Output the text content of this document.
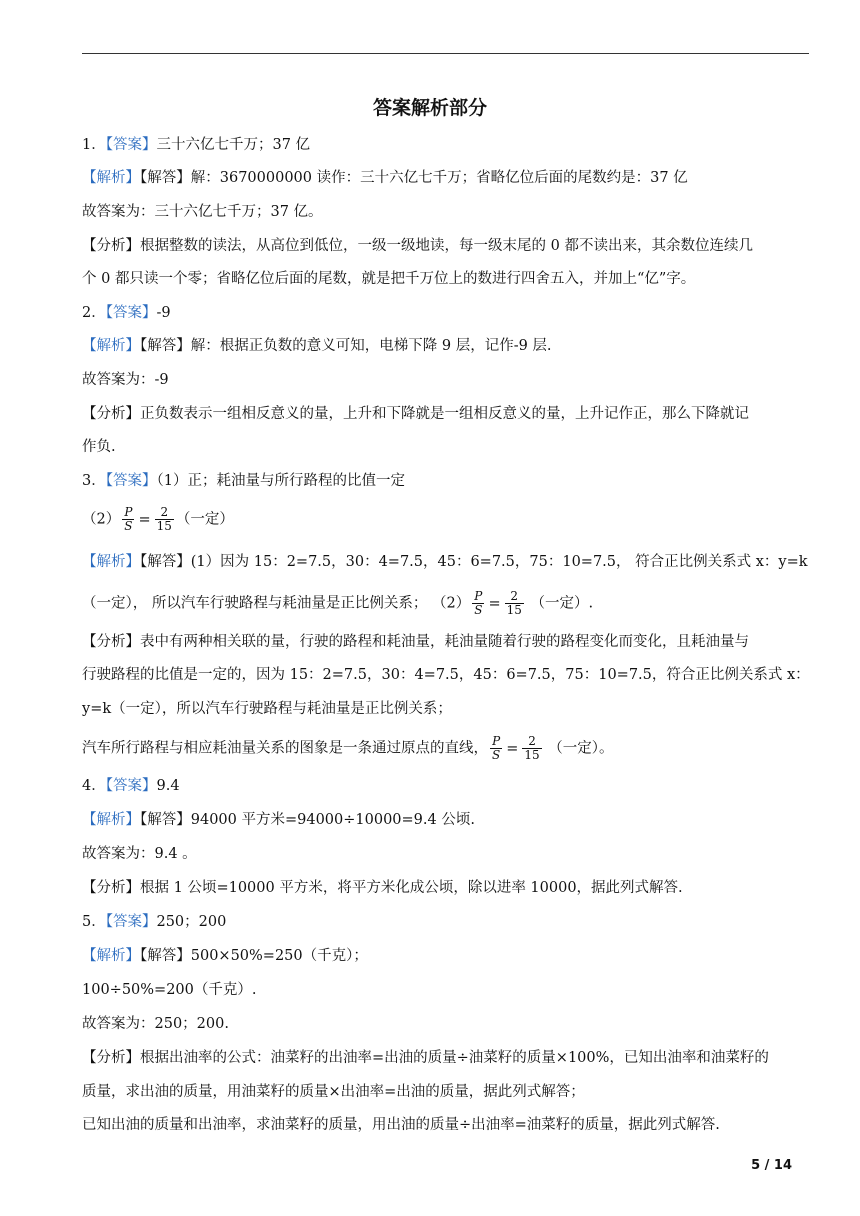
答案解析部分
1．【答案】三十六亿七千万；37 亿
【解析】【解答】解：3670000000 读作：三十六亿七千万；省略亿位后面的尾数约是：37 亿
故答案为：三十六亿七千万；37 亿。
【分析】根据整数的读法，从高位到低位，一级一级地读，每一级末尾的 0 都不读出来，其余数位连续几
个 0 都只读一个零；省略亿位后面的尾数，就是把千万位上的数进行四舍五入，并加上“亿”字。
2．【答案】-9
【解析】【解答】解：根据正负数的意义可知，电梯下降 9 层，记作-9 层.
故答案为：-9
【分析】正负数表示一组相反意义的量，上升和下降就是一组相反意义的量，上升记作正，那么下降就记
作负.
3．【答案】（1）正；耗油量与所行路程的比值一定
$(2) \frac{P}{S} = \frac{2}{15}$ （一定）
【解析】【解答】(1）因为 15：2=7.5，30：4=7.5，45：6=7.5，75：10=7.5， 符合正比例关系式 x：y=k
（一定）， 所以汽车行驶路程与耗油量是正比例关系； $(2) \frac{P}{S} = \frac{2}{15}$ （一定）.
【分析】表中有两种相关联的量，行驶的路程和耗油量，耗油量随着行驶的路程变化而变化，且耗油量与
行驶路程的比值是一定的，因为 15：2=7.5，30：4=7.5，45：6=7.5，75：10=7.5，符合正比例关系式 x：
y=k（一定），所以汽车行驶路程与耗油量是正比例关系；
汽车所行路程与相应耗油量关系的图象是一条通过原点的直线， $\frac{P}{S} = \frac{2}{15}$ （一定）。
4．【答案】9.4
【解析】【解答】94000 平方米=94000÷10000=9.4 公顷.
故答案为：9.4 。
【分析】根据 1 公顷=10000 平方米，将平方米化成公顷，除以进率 10000，据此列式解答.
5．【答案】250；200
【解析】【解答】500×50%=250（千克）；
100÷50%=200（千克）.
故答案为：250；200.
【分析】根据出油率的公式：油菜籽的出油率=出油的质量÷油菜籽的质量×100%，已知出油率和油菜籽的
质量，求出油的质量，用油菜籽的质量×出油率=出油的质量，据此列式解答；
已知出油的质量和出油率，求油菜籽的质量，用出油的质量÷出油率=油菜籽的质量，据此列式解答.
5 / 14
